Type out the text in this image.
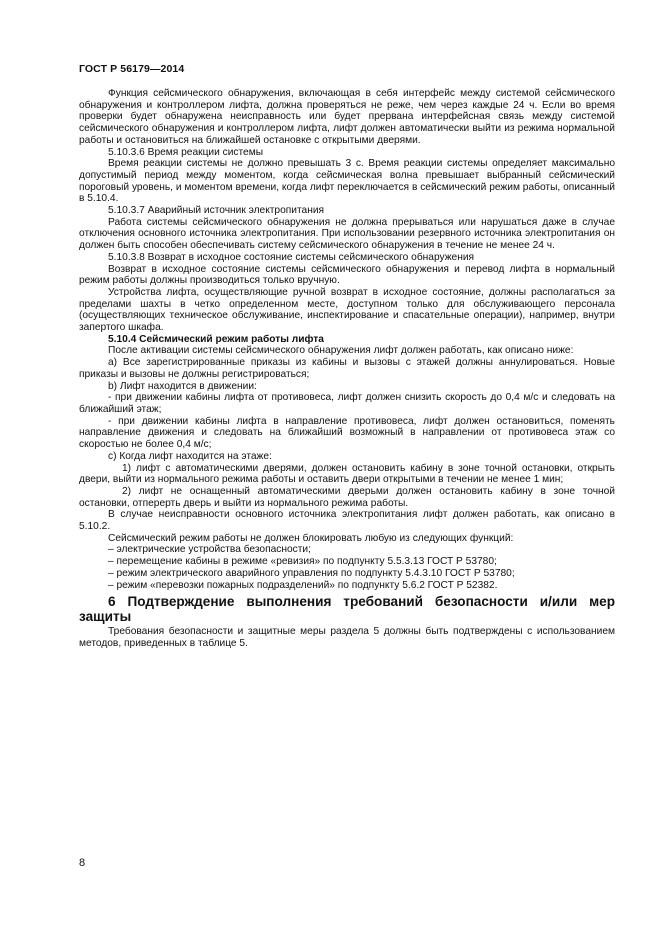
ГОСТ Р 56179—2014

Функция сейсмического обнаружения, включающая в себя интерфейс между системой сейсмического обнаружения и контроллером лифта, должна проверяться не реже, чем через каждые 24 ч. Если во время проверки будет обнаружена неисправность или будет прервана интерфейсная связь между системой сейсмического обнаружения и контроллером лифта, лифт должен автоматически выйти из режима нормальной работы и остановиться на ближайшей остановке с открытыми дверями.

5.10.3.6 Время реакции системы

Время реакции системы не должно превышать 3 с. Время реакции системы определяет максимально допустимый период между моментом, когда сейсмическая волна превышает выбранный сейсмический пороговый уровень, и моментом времени, когда лифт переключается в сейсмический режим работы, описанный в 5.10.4.

5.10.3.7 Аварийный источник электропитания

Работа системы сейсмического обнаружения не должна прерываться или нарушаться даже в случае отключения основного источника электропитания. При использовании резервного источника электропитания он должен быть способен обеспечивать систему сейсмического обнаружения в течение не менее 24 ч.

5.10.3.8 Возврат в исходное состояние системы сейсмического обнаружения

Возврат в исходное состояние системы сейсмического обнаружения и перевод лифта в нормальный режим работы должны производиться только вручную.

Устройства лифта, осуществляющие ручной возврат в исходное состояние, должны располагаться за пределами шахты в четко определенном месте, доступном только для обслуживающего персонала (осуществляющих техническое обслуживание, инспектирование и спасательные операции), например, внутри запертого шкафа.

5.10.4 Сейсмический режим работы лифта

После активации системы сейсмического обнаружения лифт должен работать, как описано ниже:

a) Все зарегистрированные приказы из кабины и вызовы с этажей должны аннулироваться. Новые приказы и вызовы не должны регистрироваться;

b) Лифт находится в движении:

- при движении кабины лифта от противовеса, лифт должен снизить скорость до 0,4 м/с и следовать на ближайший этаж;

- при движении кабины лифта в направление противовеса, лифт должен остановиться, поменять направление движения и следовать на ближайший возможный в направлении от противовеса этаж со скоростью не более 0,4 м/с;

c) Когда лифт находится на этаже:

1) лифт с автоматическими дверями, должен остановить кабину в зоне точной остановки, открыть двери, выйти из нормального режима работы и оставить двери открытыми в течении не менее 1 мин;

2) лифт не оснащенный автоматическими дверьми должен остановить кабину в зоне точной остановки, отперерть дверь и выйти из нормального режима работы.

В случае неисправности основного источника электропитания лифт должен работать, как описано в 5.10.2.

Сейсмический режим работы не должен блокировать любую из следующих функций:

– электрические устройства безопасности;

– перемещение кабины в режиме «ревизия» по подпункту 5.5.3.13 ГОСТ Р 53780;

– режим электрического аварийного управления по подпункту 5.4.3.10 ГОСТ Р 53780;

– режим «перевозки пожарных подразделений» по подпункту 5.6.2 ГОСТ Р 52382.

6 Подтверждение выполнения требований безопасности и/или мер защиты

Требования безопасности и защитные меры раздела 5 должны быть подтверждены с использованием методов, приведенных в таблице 5.

8
